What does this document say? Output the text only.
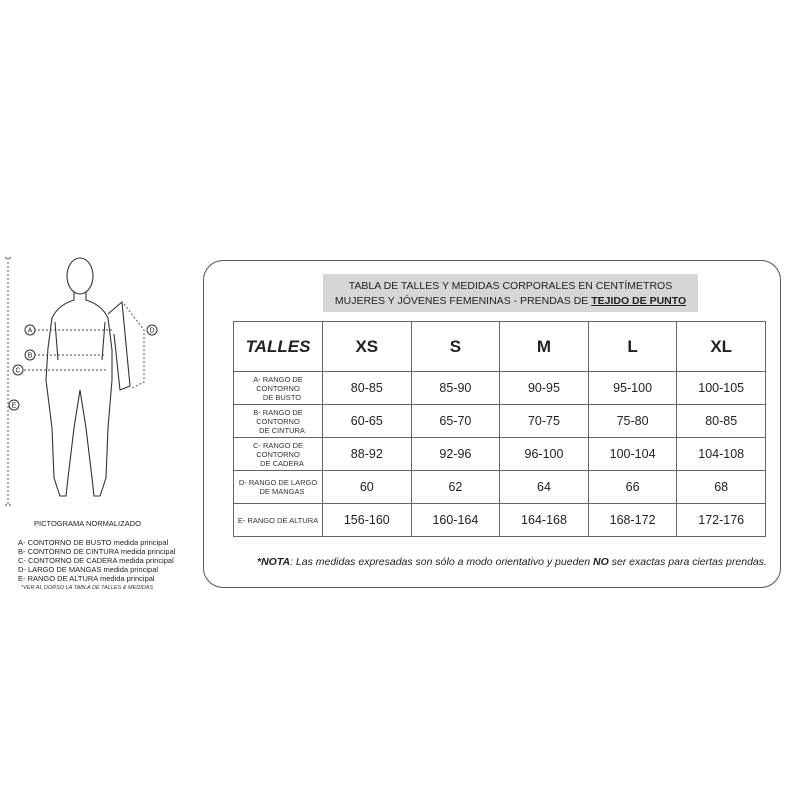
A
B
C
D
E
PICTOGRAMA NORMALIZADO
A- CONTORNO DE BUSTO medida principal
B- CONTORNO DE CINTURA medida principal
C- CONTORNO DE CADERA medida principal
D- LARGO DE MANGAS medida principal
E- RANGO DE ALTURA medida principal
*VER AL DORSO LA TABLA DE TALLES & MEDIDAS
TABLA DE TALLES Y MEDIDAS CORPORALES EN CENTÍMETROS
MUJERES Y JÓVENES FEMENINAS - PRENDAS DE TEJIDO DE PUNTO
TALLES	XS	S	M	L	XL

A- RANGO DE CONTORNO
DE BUSTO	80-85	85-90	90-95	95-100	100-105

B- RANGO DE CONTORNO
DE CINTURA	60-65	65-70	70-75	75-80	80-85

C- RANGO DE CONTORNO
DE CADERA	88-92	92-96	96-100	100-104	104-108

D- RANGO DE LARGO
DE MANGAS	60	62	64	66	68

E- RANGO DE ALTURA	156-160	160-164	164-168	168-172	172-176
*NOTA: Las medidas expresadas son sólo a modo orientativo y pueden NO ser exactas para ciertas prendas.
